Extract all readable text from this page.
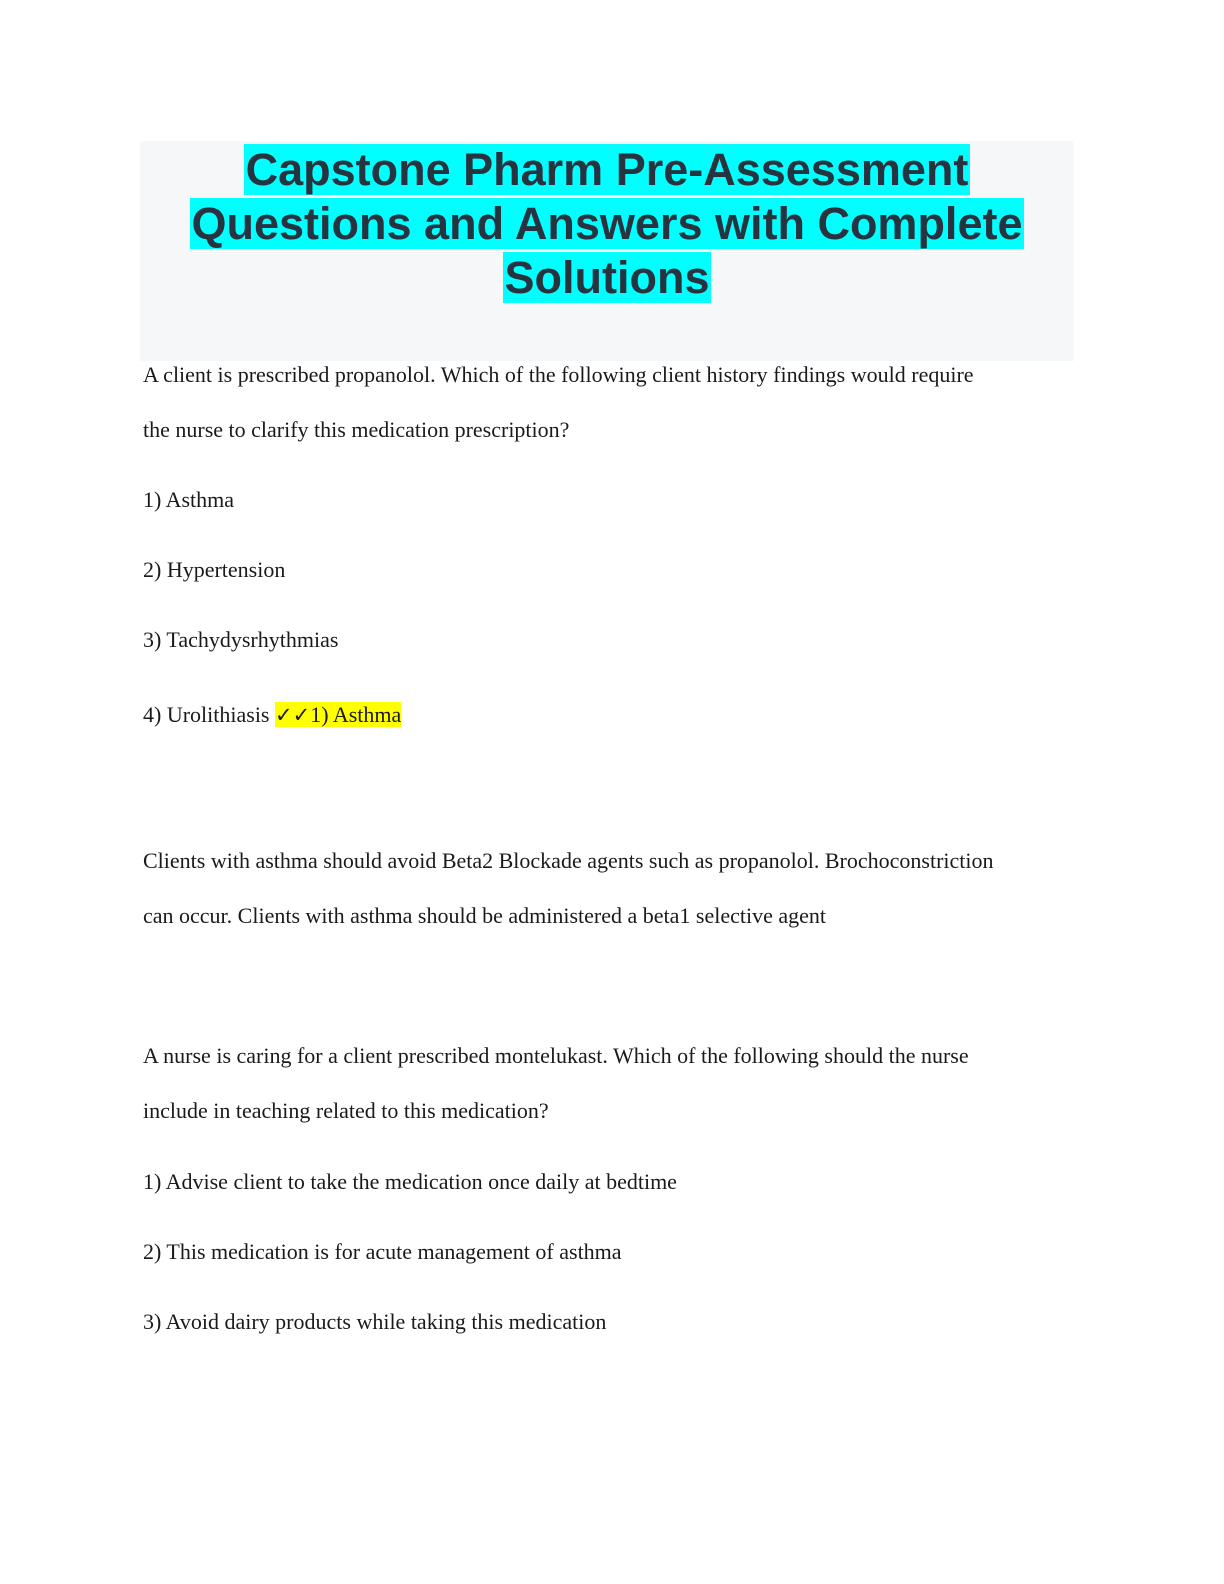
Capstone Pharm Pre-Assessment
Questions and Answers with Complete
Solutions

A client is prescribed propanolol. Which of the following client history findings would require

the nurse to clarify this medication prescription?

1) Asthma

2) Hypertension

3) Tachydysrhythmias

4) Urolithiasis ✓✓1) Asthma

Clients with asthma should avoid Beta2 Blockade agents such as propanolol. Brochoconstriction

can occur. Clients with asthma should be administered a beta1 selective agent

A nurse is caring for a client prescribed montelukast. Which of the following should the nurse

include in teaching related to this medication?

1) Advise client to take the medication once daily at bedtime

2) This medication is for acute management of asthma

3) Avoid dairy products while taking this medication
